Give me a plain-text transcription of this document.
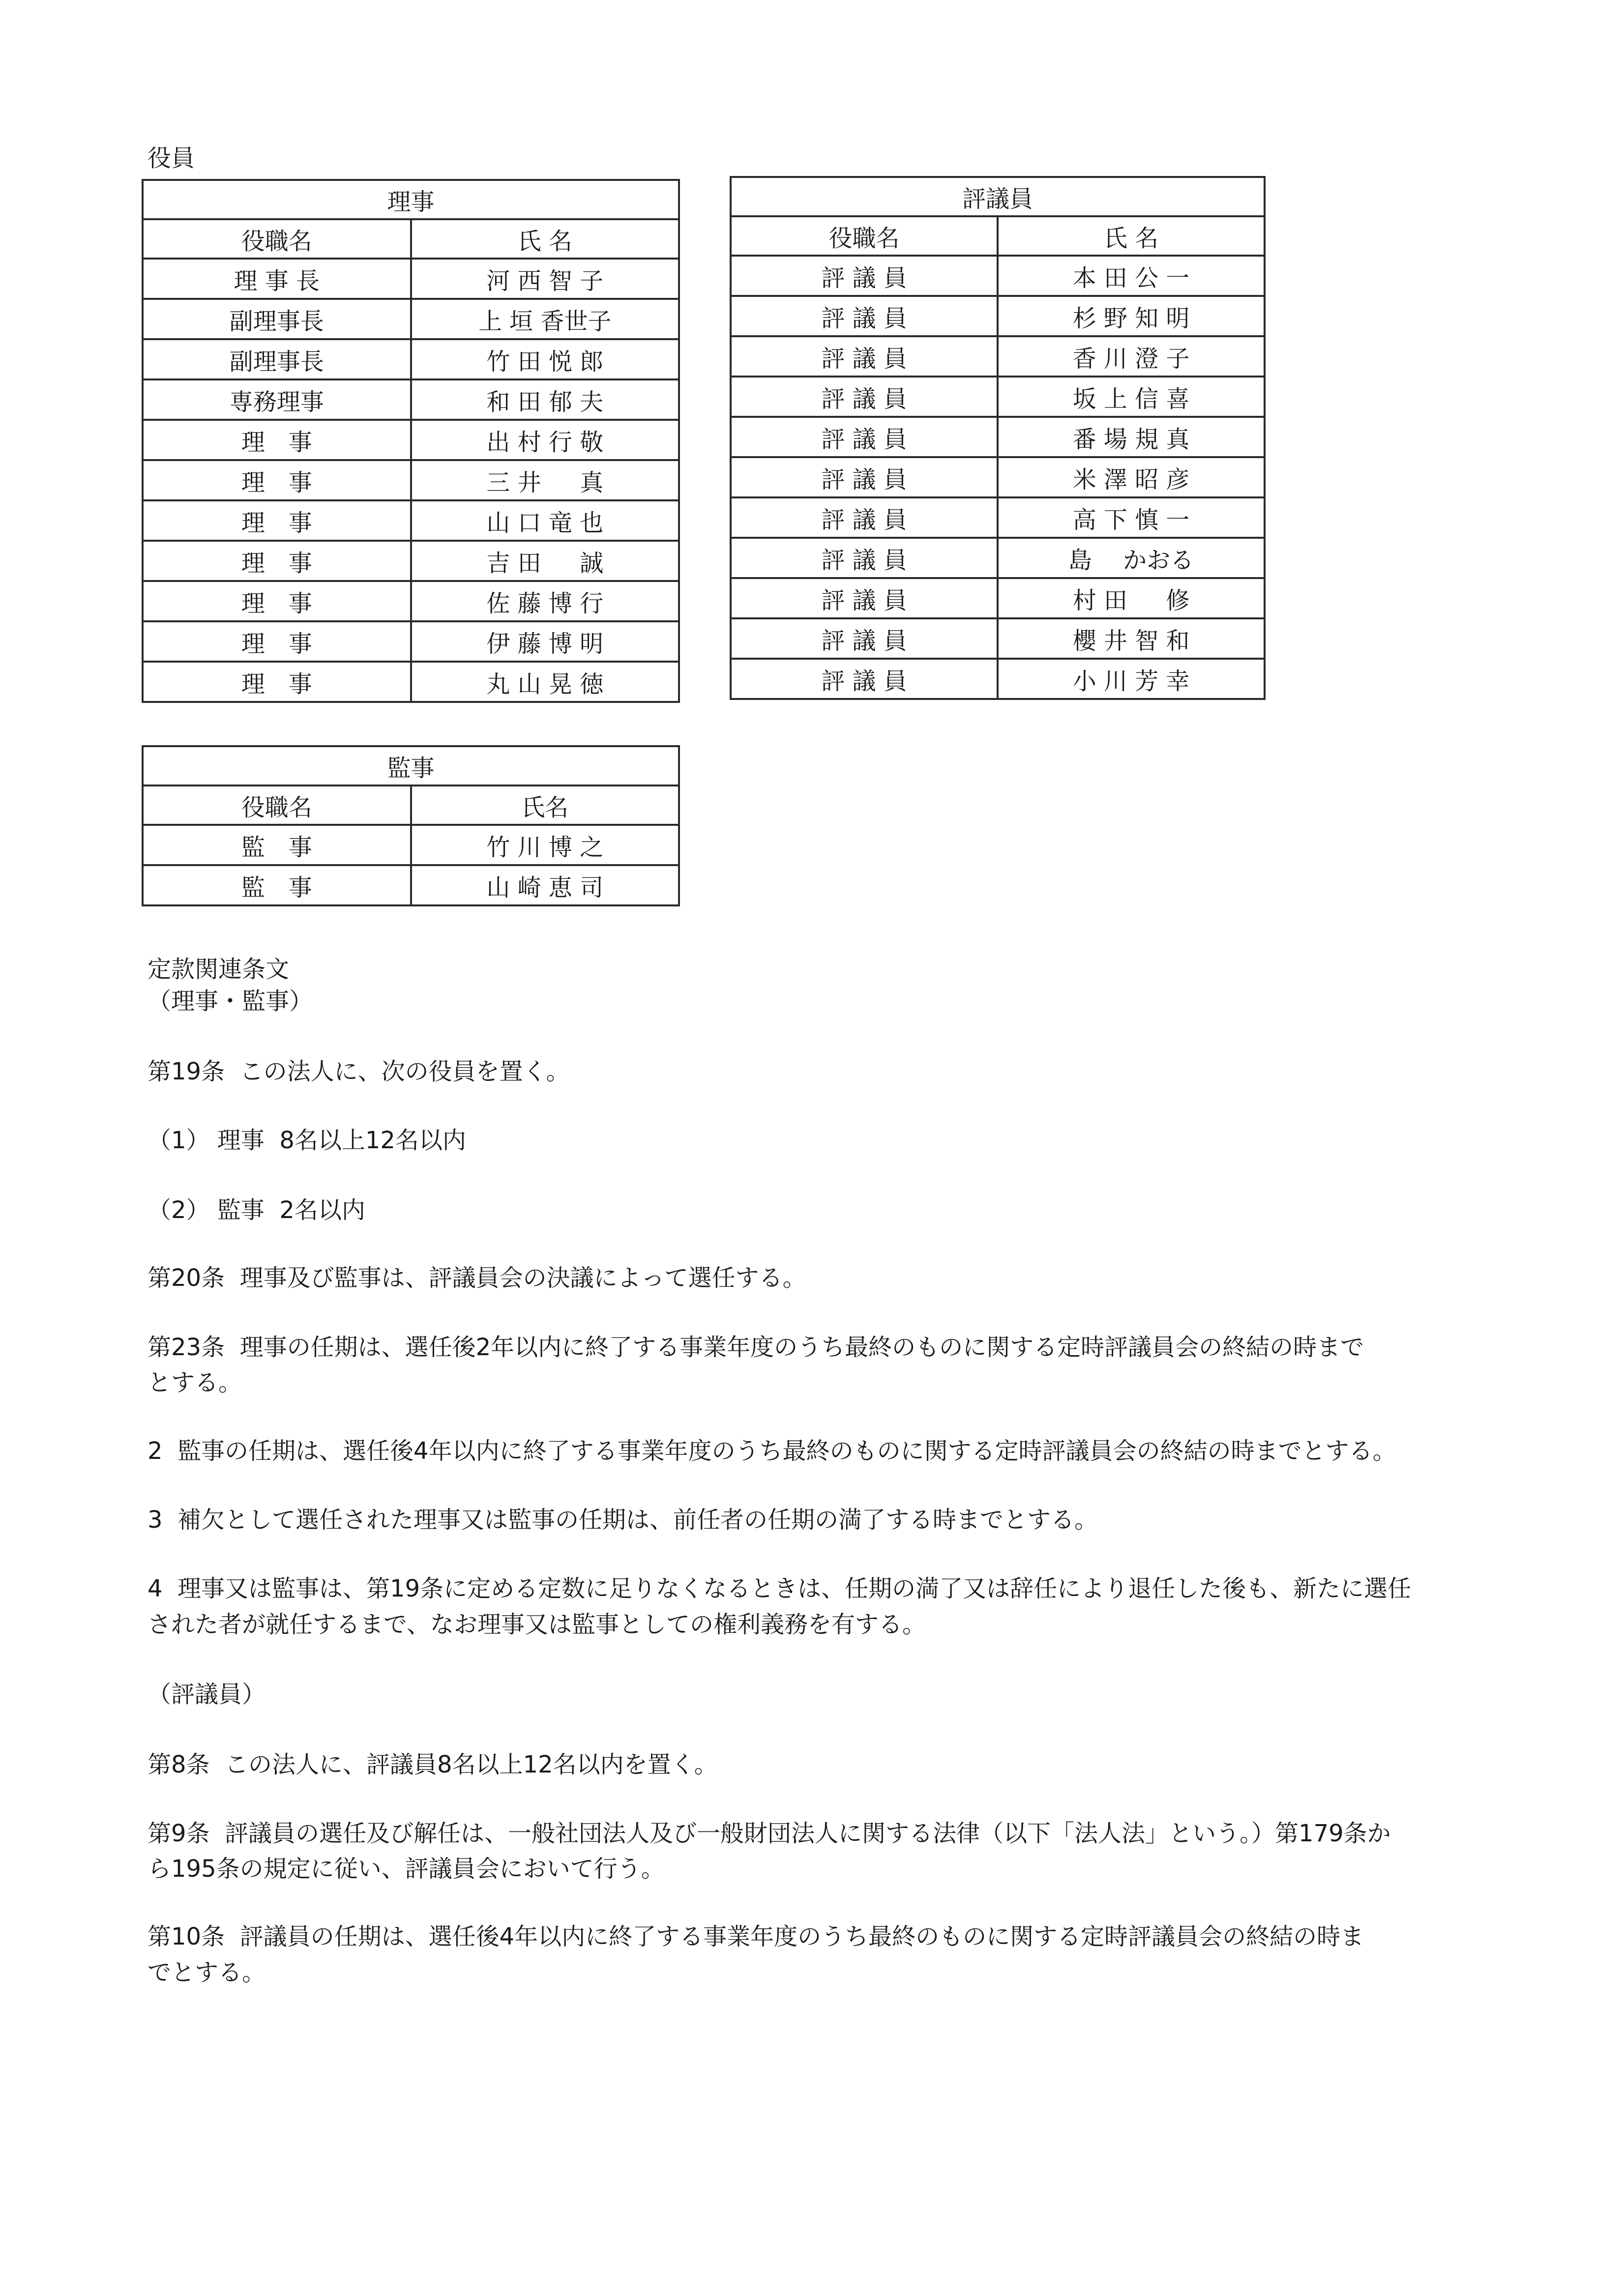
役員
理事	
役職名	氏 名
理 事 長	河 西 智 子
副理事長	上 垣 香世子
副理事長	竹 田 悦 郎
専務理事	和 田 郁 夫
理　事	出 村 行 敬
理　事	三 井 　 真
理　事	山 口 竜 也
理　事	吉 田 　 誠
理　事	佐 藤 博 行
理　事	伊 藤 博 明
理　事	丸 山 晃 徳
評議員	
役職名	氏 名
評 議 員	本 田 公 一
評 議 員	杉 野 知 明
評 議 員	香 川 澄 子
評 議 員	坂 上 信 喜
評 議 員	番 場 規 真
評 議 員	米 澤 昭 彦
評 議 員	高 下 慎 一
評 議 員	島　 かおる
評 議 員	村 田 　 修
評 議 員	櫻 井 智 和
評 議 員	小 川 芳 幸
監事	
役職名	氏名
監　事	竹 川 博 之
監　事	山 崎 恵 司
定款関連条文
（理事・監事）
第19条  この法人に、次の役員を置く。
（1） 理事  8名以上12名以内
（2） 監事  2名以内
第20条  理事及び監事は、評議員会の決議によって選任する。
第23条  理事の任期は、選任後2年以内に終了する事業年度のうち最終のものに関する定時評議員会の終結の時まで
とする。
2  監事の任期は、選任後4年以内に終了する事業年度のうち最終のものに関する定時評議員会の終結の時までとする。
3  補欠として選任された理事又は監事の任期は、前任者の任期の満了する時までとする。
4  理事又は監事は、第19条に定める定数に足りなくなるときは、任期の満了又は辞任により退任した後も、新たに選任
された者が就任するまで、なお理事又は監事としての権利義務を有する。
（評議員）
第8条  この法人に、評議員8名以上12名以内を置く。
第9条  評議員の選任及び解任は、一般社団法人及び一般財団法人に関する法律（以下「法人法」という。）第179条か
ら195条の規定に従い、評議員会において行う。
第10条  評議員の任期は、選任後4年以内に終了する事業年度のうち最終のものに関する定時評議員会の終結の時ま
でとする。
